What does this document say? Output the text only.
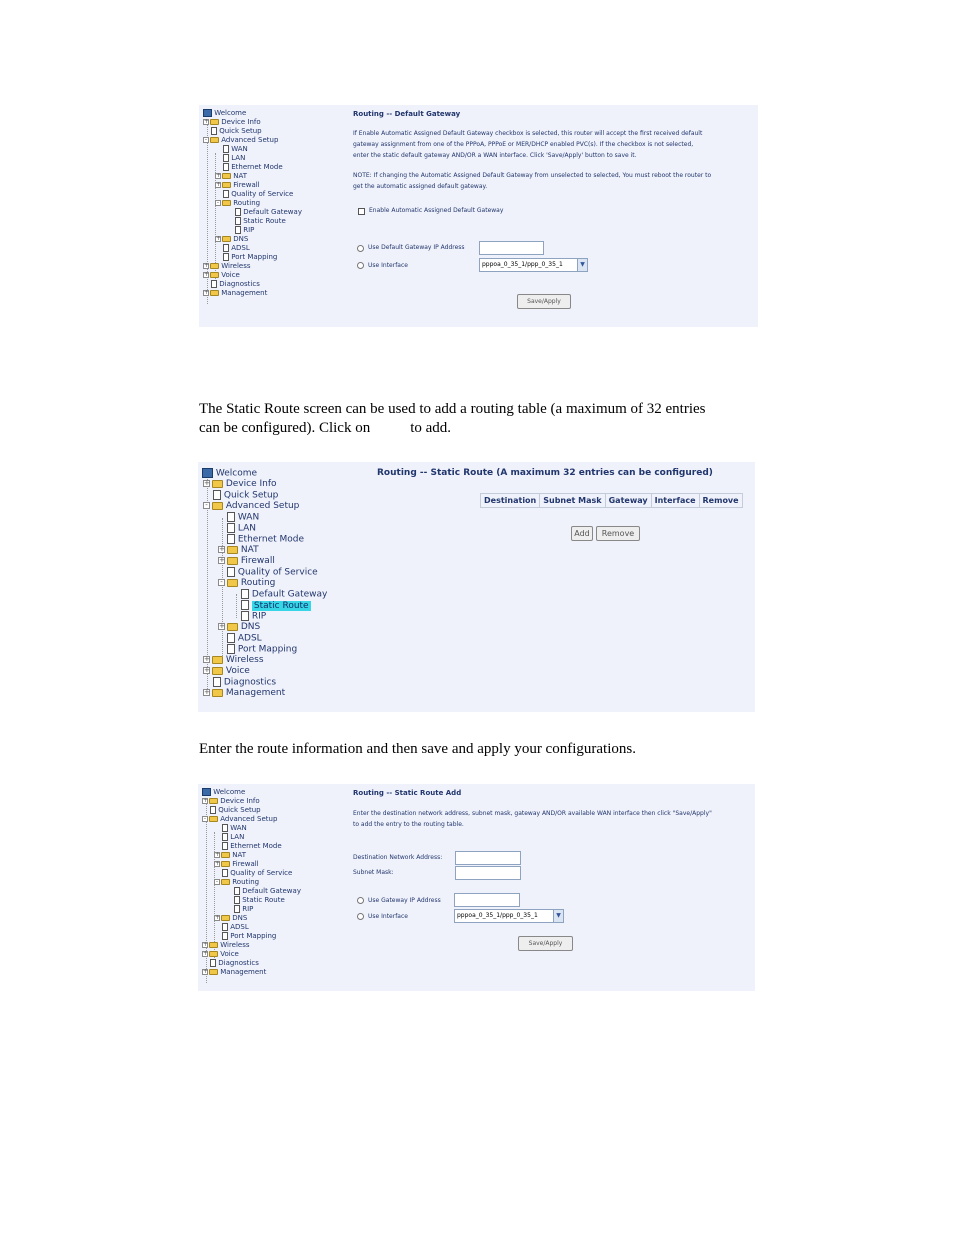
Welcome
+ Device Info
Quick Setup
- Advanced Setup
WAN
LAN
Ethernet Mode
+ NAT
+ Firewall
Quality of Service
- Routing
Default Gateway
Static Route
RIP
+ DNS
ADSL
Port Mapping
+ Wireless
+ Voice
Diagnostics
+ Management
Routing -- Default Gateway
If Enable Automatic Assigned Default Gateway checkbox is selected, this router will accept the first received default
gateway assignment from one of the PPPoA, PPPoE or MER/DHCP enabled PVC(s). If the checkbox is not selected,
enter the static default gateway AND/OR a WAN interface. Click 'Save/Apply' button to save it.
NOTE: If changing the Automatic Assigned Default Gateway from unselected to selected, You must reboot the router to
get the automatic assigned default gateway.
Enable Automatic Assigned Default Gateway
Use Default Gateway IP Address
Use Interface	pppoa_0_35_1/ppp_0_35_1	▼
Save/Apply
The Static Route screen can be used to add a routing table (a maximum of 32 entries
can be configured). Click on	to add.
Welcome
+ Device Info
Quick Setup
- Advanced Setup
WAN
LAN
Ethernet Mode
+ NAT
+ Firewall
Quality of Service
- Routing
Default Gateway
Static Route
RIP
+ DNS
ADSL
Port Mapping
+ Wireless
+ Voice
Diagnostics
+ Management
Routing -- Static Route (A maximum 32 entries can be configured)
Destination	Subnet Mask	Gateway	Interface	Remove
Add	Remove
Enter the route information and then save and apply your configurations.
Welcome
+ Device Info
Quick Setup
- Advanced Setup
WAN
LAN
Ethernet Mode
+ NAT
+ Firewall
Quality of Service
- Routing
Default Gateway
Static Route
RIP
+ DNS
ADSL
Port Mapping
+ Wireless
+ Voice
Diagnostics
+ Management
Routing -- Static Route Add
Enter the destination network address, subnet mask, gateway AND/OR available WAN interface then click "Save/Apply"
to add the entry to the routing table.
Destination Network Address:
Subnet Mask:
Use Gateway IP Address
Use Interface	pppoa_0_35_1/ppp_0_35_1	▼
Save/Apply
